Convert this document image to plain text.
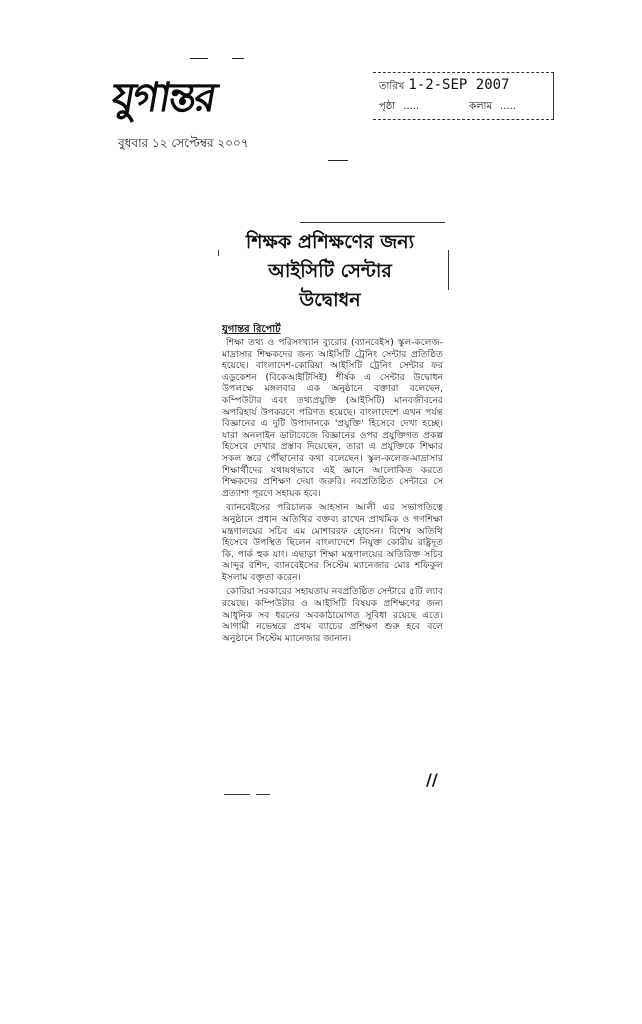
যুগান্তর
বুধবার ১২ সেপ্টেম্বর ২০০৭
তারিখ 1-2-SEP 2007
পৃষ্ঠা .....	কলাম .....
শিক্ষক প্রশিক্ষণের জন্য
আইসিটি সেন্টার
উদ্বোধন
যুগান্তর রিপোর্ট

শিক্ষা তথ্য ও পরিসংখ্যান ব্যুরোর (ব্যানবেইস) স্কুল-কলেজ-মাদ্রাসার শিক্ষকদের জন্য আইসিটি ট্রেনিং সেন্টার প্রতিষ্ঠিত হয়েছে। বাংলাদেশ-কোরিয়া আইসিটি ট্রেনিং সেন্টার ফর এডুকেশন (বিকেআইটিসিই) শীর্ষক এ সেন্টার উদ্বোধন উপলক্ষে মঙ্গলবার এক অনুষ্ঠানে বক্তারা বলেছেন, কম্পিউটার এবং তথ্যপ্রযুক্তি (আইসিটি) মানবজীবনের অপরিহার্য উপকরণে পরিণত হয়েছে। বাংলাদেশে এখন পর্যন্ত বিজ্ঞানের এ দুটি উপাদানকে 'প্রযুক্তি' হিসেবে দেখা হচ্ছে। যারা অনলাইন ডাটাবেজে বিজ্ঞানের ওপর প্রযুক্তিগত প্রকল্প হিসেবে দেখার প্রস্তাব দিয়েছেন, তারা এ প্রযুক্তিকে শিক্ষার সকল স্তরে পৌঁছানোর কথা বলেছেন। স্কুল-কলেজ-মাদ্রাসার শিক্ষার্থীদের যথাযথভাবে এই জ্ঞানে আলোকিত করতে শিক্ষকদের প্রশিক্ষণ দেয়া জরুরি। নবপ্রতিষ্ঠিত সেন্টারে সে প্রত্যাশা পূরণে সহায়ক হবে।

ব্যানবেইসের পরিচালক আহসান আলী এর সভাপতিত্বে অনুষ্ঠানে প্রধান অতিথির বক্তব্য রাখেন প্রাথমিক ও গণশিক্ষা মন্ত্রণালয়ের সচিব এম মোশাররফ হোসেন। বিশেষ অতিথি হিসেবে উপস্থিত ছিলেন বাংলাদেশে নিযুক্ত কোরীয় রাষ্ট্রদূত কি. পার্ক হুক যাং। এছাড়া শিক্ষা মন্ত্রণালয়ের অতিরিক্ত সচিব আব্দুর রশিদ, ব্যানবেইসের সিস্টেম ম্যানেজার মোঃ শফিকুল ইসলাম বক্তৃতা করেন।

কোরিয়া সরকারের সহায়তায় নবপ্রতিষ্ঠিত সেন্টারে ৫টি ল্যাব রয়েছে। কম্পিউটার ও আইসিটি বিষয়ক প্রশিক্ষণের জন্য আধুনিক সব ধরনের অবকাঠামোগত সুবিধা রয়েছে এতে। আগামী নভেম্বরে প্রথম ব্যাচের প্রশিক্ষণ শুরু হবে বলে অনুষ্ঠানে সিস্টেম ম্যানেজার জানান।

//
